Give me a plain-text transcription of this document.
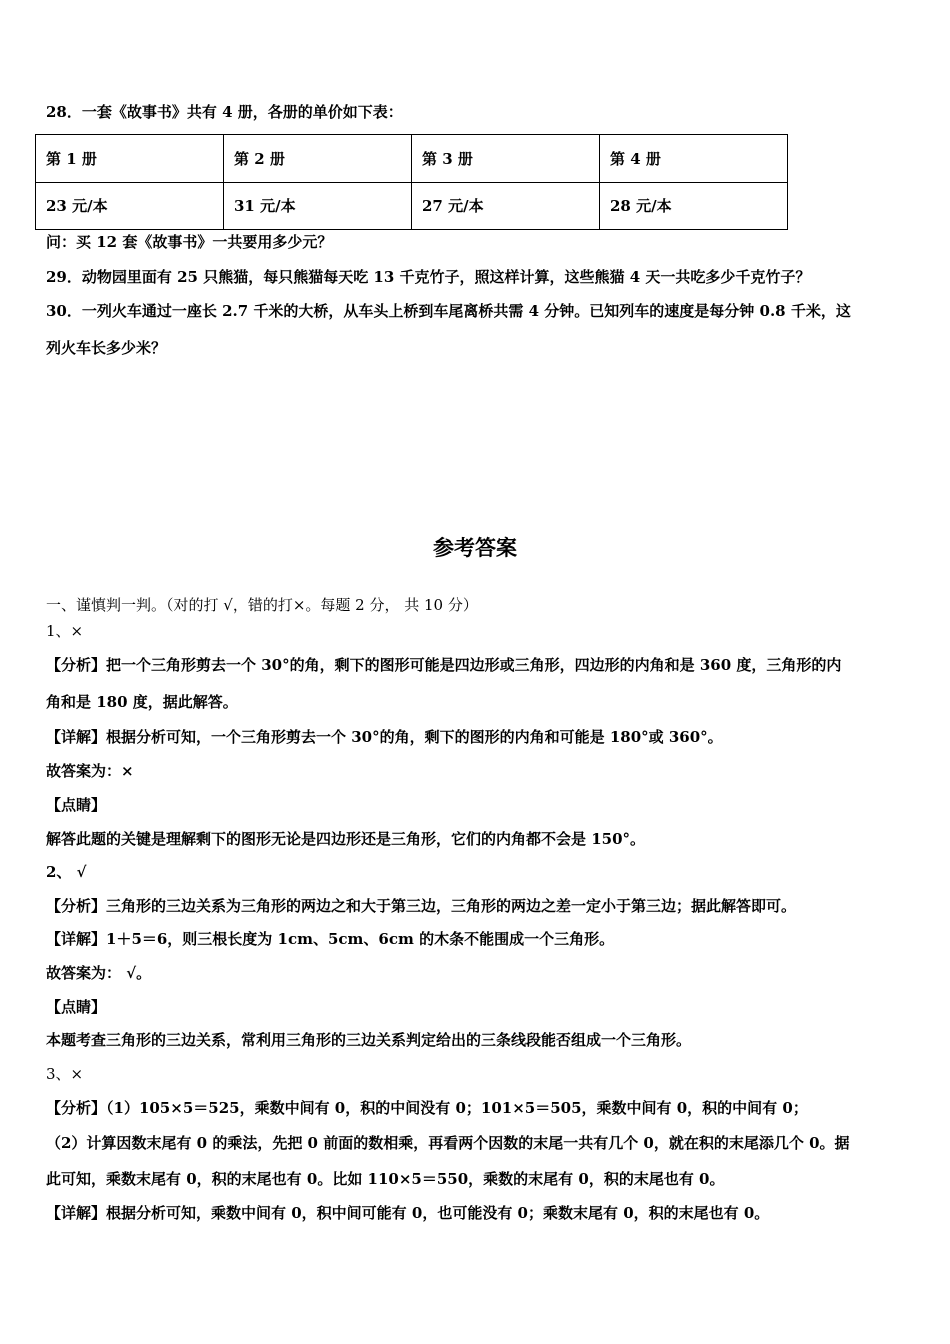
28．一套《故事书》共有 4 册，各册的单价如下表：
第 1 册	第 2 册	第 3 册	第 4 册
23 元/本	31 元/本	27 元/本	28 元/本
问：买 12 套《故事书》一共要用多少元？
29．动物园里面有 25 只熊猫，每只熊猫每天吃 13 千克竹子，照这样计算，这些熊猫 4 天一共吃多少千克竹子？
30．一列火车通过一座长 2.7 千米的大桥，从车头上桥到车尾离桥共需 4 分钟。已知列车的速度是每分钟 0.8 千米，这
列火车长多少米？
参考答案
一、谨慎判一判。（对的打 √，错的打×。每题 2 分， 共 10 分）
1、×
【分析】把一个三角形剪去一个 30°的角，剩下的图形可能是四边形或三角形，四边形的内角和是 360 度，三角形的内
角和是 180 度，据此解答。
【详解】根据分析可知，一个三角形剪去一个 30°的角，剩下的图形的内角和可能是 180°或 360°。
故答案为：×
【点睛】
解答此题的关键是理解剩下的图形无论是四边形还是三角形，它们的内角都不会是 150°。
2、 √
【分析】三角形的三边关系为三角形的两边之和大于第三边，三角形的两边之差一定小于第三边；据此解答即可。
【详解】1＋5＝6，则三根长度为 1cm、5cm、6cm 的木条不能围成一个三角形。
故答案为： √。
【点睛】
本题考查三角形的三边关系，常利用三角形的三边关系判定给出的三条线段能否组成一个三角形。
3、×
【分析】（1）105×5＝525，乘数中间有 0，积的中间没有 0；101×5＝505，乘数中间有 0，积的中间有 0；
（2）计算因数末尾有 0 的乘法，先把 0 前面的数相乘，再看两个因数的末尾一共有几个 0，就在积的末尾添几个 0。据
此可知，乘数末尾有 0，积的末尾也有 0。比如 110×5＝550，乘数的末尾有 0，积的末尾也有 0。
【详解】根据分析可知，乘数中间有 0，积中间可能有 0，也可能没有 0；乘数末尾有 0，积的末尾也有 0。
